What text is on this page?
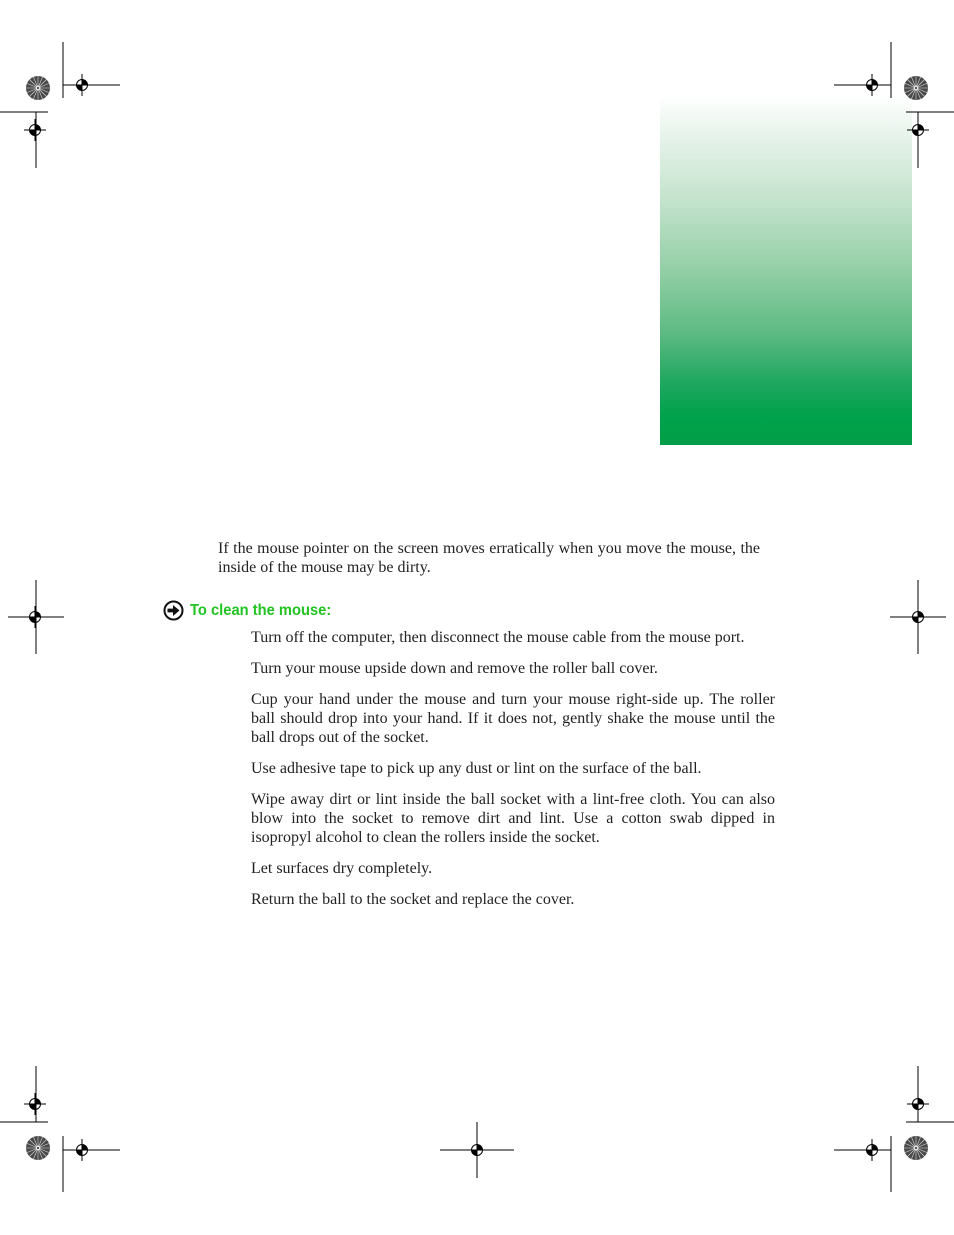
If the mouse pointer on the screen moves erratically when you move the mouse, the inside of the mouse may be dirty.

To clean the mouse:
Turn off the computer, then disconnect the mouse cable from the mouse port.
Turn your mouse upside down and remove the roller ball cover.
Cup your hand under the mouse and turn your mouse right-side up. The roller ball should drop into your hand. If it does not, gently shake the mouse until the ball drops out of the socket.
Use adhesive tape to pick up any dust or lint on the surface of the ball.
Wipe away dirt or lint inside the ball socket with a lint-free cloth. You can also blow into the socket to remove dirt and lint. Use a cotton swab dipped in isopropyl alcohol to clean the rollers inside the socket.
Let surfaces dry completely.
Return the ball to the socket and replace the cover.
